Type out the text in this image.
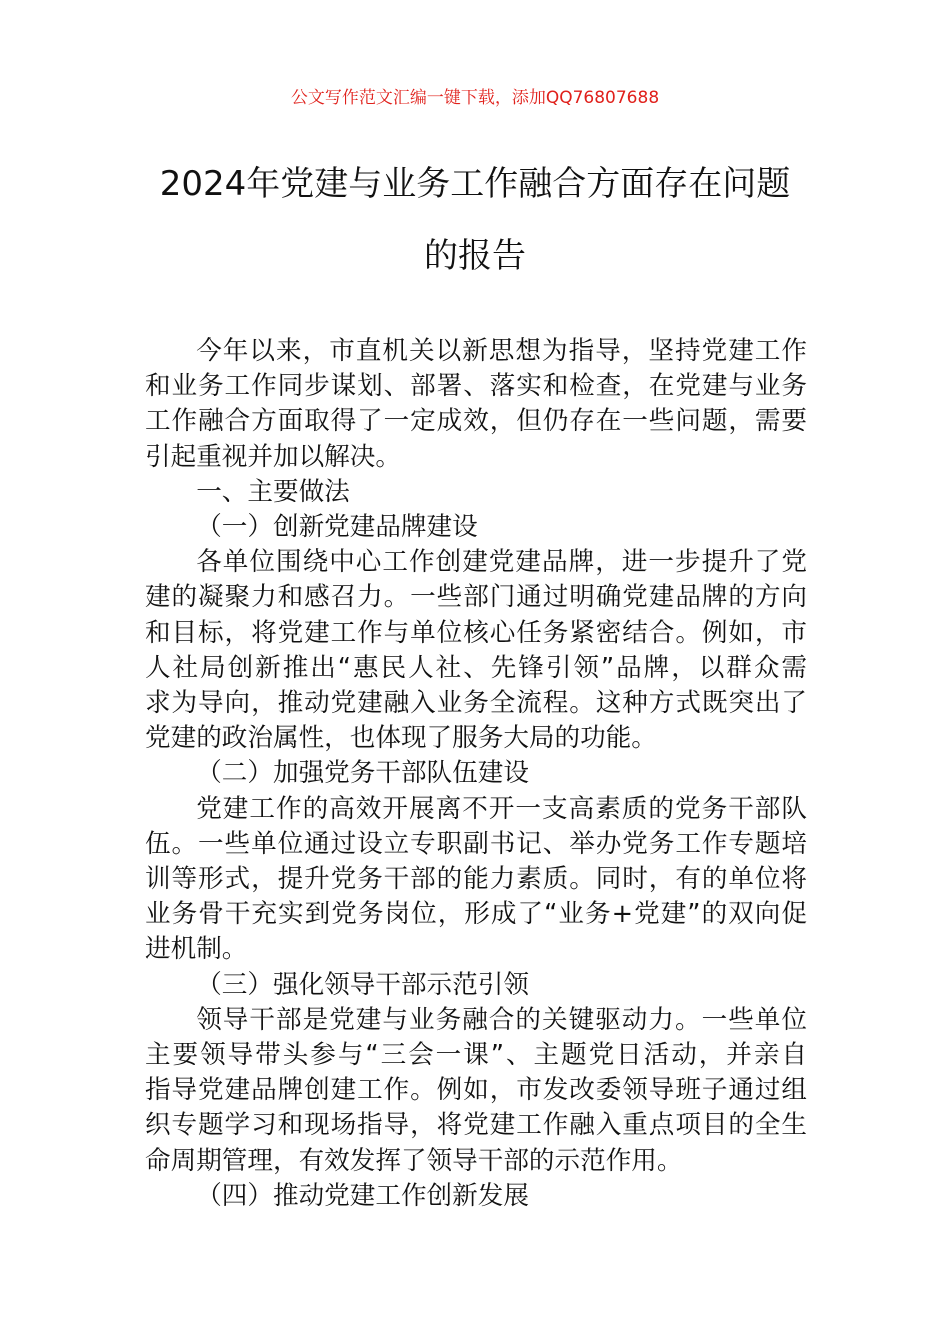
公文写作范文汇编一键下载，添加QQ76807688
2024年党建与业务工作融合方面存在问题
的报告

今年以来，市直机关以新思想为指导，坚持党建工作
和业务工作同步谋划、部署、落实和检查，在党建与业务
工作融合方面取得了一定成效，但仍存在一些问题，需要
引起重视并加以解决。

一、主要做法

（一）创新党建品牌建设

各单位围绕中心工作创建党建品牌，进一步提升了党
建的凝聚力和感召力。一些部门通过明确党建品牌的方向
和目标，将党建工作与单位核心任务紧密结合。例如，市
人社局创新推出“惠民人社、先锋引领”品牌，以群众需
求为导向，推动党建融入业务全流程。这种方式既突出了
党建的政治属性，也体现了服务大局的功能。

（二）加强党务干部队伍建设

党建工作的高效开展离不开一支高素质的党务干部队
伍。一些单位通过设立专职副书记、举办党务工作专题培
训等形式，提升党务干部的能力素质。同时，有的单位将
业务骨干充实到党务岗位，形成了“业务+党建”的双向促
进机制。

（三）强化领导干部示范引领

领导干部是党建与业务融合的关键驱动力。一些单位
主要领导带头参与“三会一课”、主题党日活动，并亲自
指导党建品牌创建工作。例如，市发改委领导班子通过组
织专题学习和现场指导，将党建工作融入重点项目的全生
命周期管理，有效发挥了领导干部的示范作用。

（四）推动党建工作创新发展
